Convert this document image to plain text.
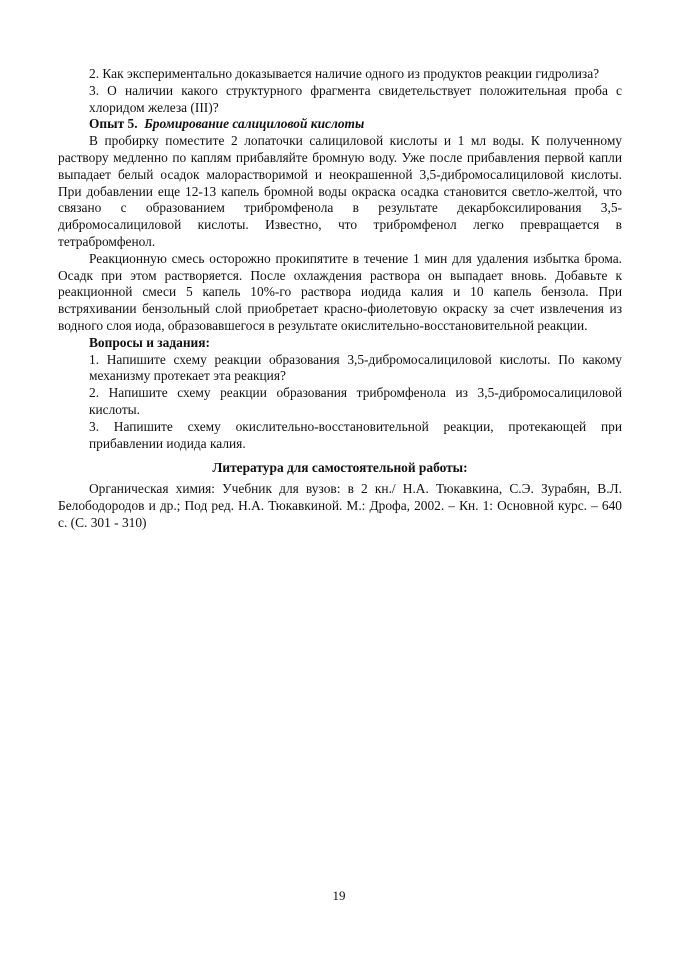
2. Как экспериментально доказывается наличие одного из продуктов реакции гидролиза?

3. О наличии какого структурного фрагмента свидетельствует положительная проба с хлоридом железа (III)?

Опыт 5. Бромирование салициловой кислоты

В пробирку поместите 2 лопаточки салициловой кислоты и 1 мл воды. К полученному раствору медленно по каплям прибавляйте бромную воду. Уже после прибавления первой капли выпадает белый осадок малорастворимой и неокрашенной 3,5-дибромосалициловой кислоты. При добавлении еще 12-13 капель бромной воды окраска осадка становится светло-желтой, что связано с образованием трибромфенола в результате декарбоксилирования 3,5-дибромосалициловой кислоты. Известно, что трибромфенол легко превращается в тетрабромфенол.

Реакционную смесь осторожно прокипятите в течение 1 мин для удаления избытка брома. Осадк при этом растворяется. После охлаждения раствора он выпадает вновь. Добавьте к реакционной смеси 5 капель 10%-го раствора иодида калия и 10 капель бензола. При встряхивании бензольный слой приобретает красно-фиолетовую окраску за счет извлечения из водного слоя иода, образовавшегося в результате окислительно-восстановительной реакции.

Вопросы и задания:

1. Напишите схему реакции образования 3,5-дибромосалициловой кислоты. По какому механизму протекает эта реакция?

2. Напишите схему реакции образования трибромфенола из 3,5-дибромосалициловой кислоты.

3. Напишите схему окислительно-восстановительной реакции, протекающей при прибавлении иодида калия.

Литература для самостоятельной работы:

Органическая химия: Учебник для вузов: в 2 кн./ Н.А. Тюкавкина, С.Э. Зурабян, В.Л. Белободородов и др.; Под ред. Н.А. Тюкавкиной. М.: Дрофа, 2002. – Кн. 1: Основной курс. – 640 с. (С. 301 - 310)

19
